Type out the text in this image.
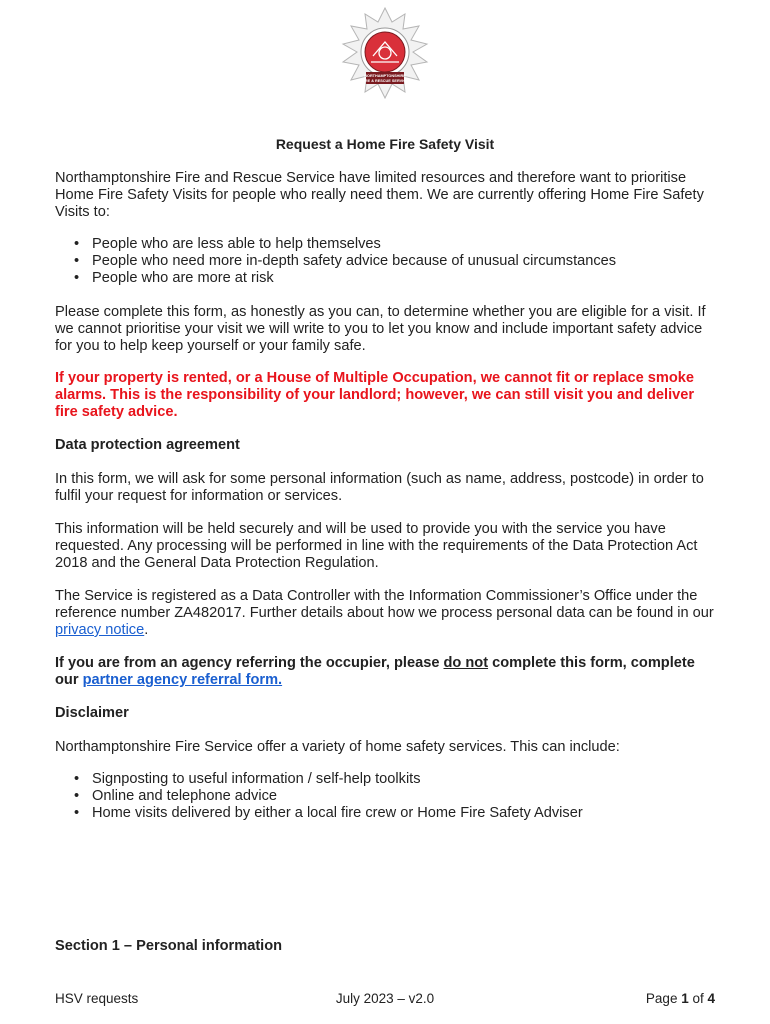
NORTHAMPTONSHIRE
FIRE & RESCUE SERVICE
Request a Home Fire Safety Visit

Northamptonshire Fire and Rescue Service have limited resources and therefore want to prioritise Home Fire Safety Visits for people who really need them. We are currently offering Home Fire Safety Visits to:

• People who are less able to help themselves
• People who need more in-depth safety advice because of unusual circumstances
• People who are more at risk

Please complete this form, as honestly as you can, to determine whether you are eligible for a visit. If we cannot prioritise your visit we will write to you to let you know and include important safety advice for you to help keep yourself or your family safe.

If your property is rented, or a House of Multiple Occupation, we cannot fit or replace smoke alarms. This is the responsibility of your landlord; however, we can still visit you and deliver fire safety advice.

Data protection agreement

In this form, we will ask for some personal information (such as name, address, postcode) in order to fulfil your request for information or services.

This information will be held securely and will be used to provide you with the service you have requested. Any processing will be performed in line with the requirements of the Data Protection Act 2018 and the General Data Protection Regulation.

The Service is registered as a Data Controller with the Information Commissioner’s Office under the reference number ZA482017. Further details about how we process personal data can be found in our privacy notice.

If you are from an agency referring the occupier, please do not complete this form, complete our partner agency referral form.

Disclaimer

Northamptonshire Fire Service offer a variety of home safety services. This can include:

• Signposting to useful information / self-help toolkits
• Online and telephone advice
• Home visits delivered by either a local fire crew or Home Fire Safety Adviser

Section 1 – Personal information

HSV requests	July 2023 – v2.0	Page 1 of 4
